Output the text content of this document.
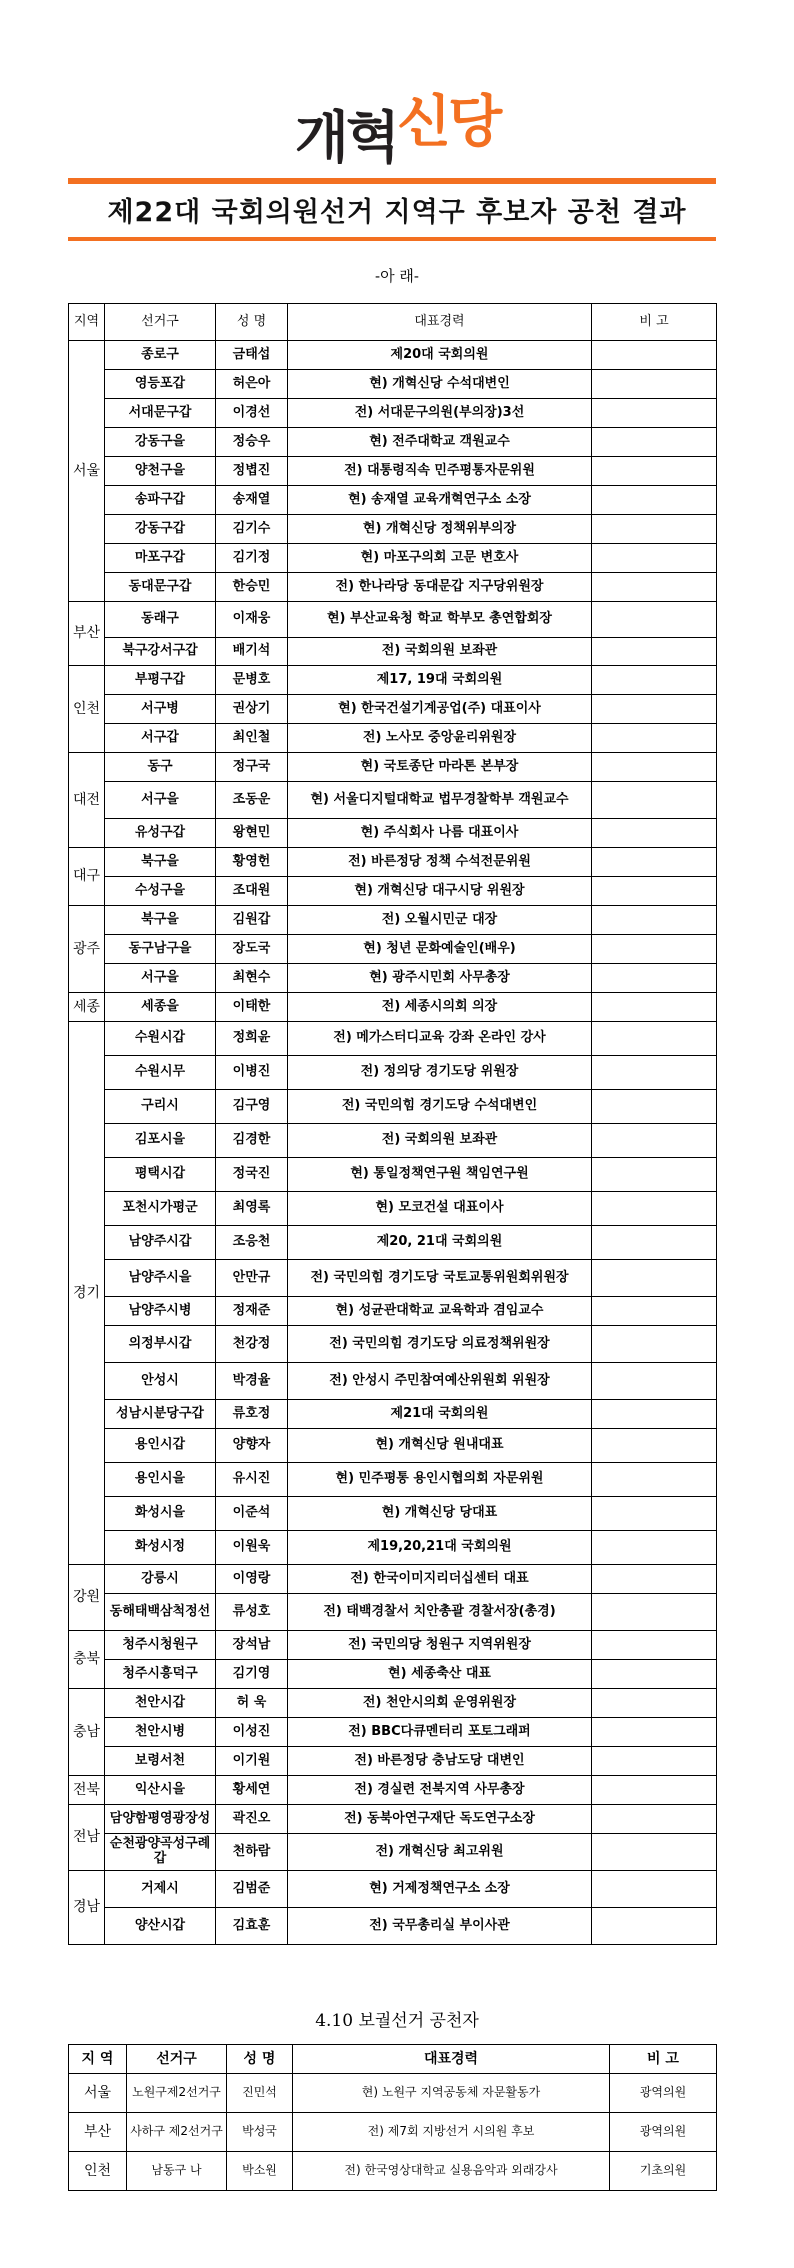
개혁신당
제22대 국회의원선거 지역구 후보자 공천 결과
-아 래-
지역	선거구	성 명	대표경력	비 고
서울	종로구	금태섭	제20대 국회의원	
	영등포갑	허은아	현) 개혁신당 수석대변인	
	서대문구갑	이경선	전) 서대문구의원(부의장)3선	
	강동구을	정승우	현) 전주대학교 객원교수	
	양천구을	정볍진	전) 대통령직속 민주평통자문위원	
	송파구갑	송재열	현) 송재열 교육개혁연구소 소장	
	강동구갑	김기수	현) 개혁신당 정책위부의장	
	마포구갑	김기정	현) 마포구의회 고문 변호사	
	동대문구갑	한승민	전) 한나라당 동대문갑 지구당위원장	
부산	동래구	이재웅	현) 부산교육청 학교 학부모 총연합회장	
	북구강서구갑	배기석	전) 국회의원 보좌관	
인천	부평구갑	문병호	제17, 19대 국회의원	
	서구병	권상기	현) 한국건설기계공업(주) 대표이사	
	서구갑	최인철	전) 노사모 중앙윤리위원장	
대전	동구	정구국	현) 국토종단 마라톤 본부장	
	서구을	조동운	현) 서울디지털대학교 법무경찰학부 객원교수	
	유성구갑	왕현민	현) 주식회사 나름 대표이사	
대구	북구을	황영헌	전) 바른정당 정책 수석전문위원	
	수성구을	조대원	현) 개혁신당 대구시당 위원장	
광주	북구을	김원갑	전) 오월시민군 대장	
	동구남구을	장도국	현) 청년 문화예술인(배우)	
	서구을	최현수	현) 광주시민회 사무총장	
세종	세종을	이태한	전) 세종시의회 의장	
경기	수원시갑	정희윤	전) 메가스터디교육 강좌 온라인 강사	
	수원시무	이병진	전) 정의당 경기도당 위원장	
	구리시	김구영	전) 국민의힘 경기도당 수석대변인	
	김포시을	김경한	전) 국회의원 보좌관	
	평택시갑	정국진	현) 통일정책연구원 책임연구원	
	포천시가평군	최영록	현) 모코건설 대표이사	
	남양주시갑	조응천	제20, 21대 국회의원	
	남양주시을	안만규	전) 국민의힘 경기도당 국토교통위원회위원장	
	남양주시병	정재준	현) 성균관대학교 교육학과 겸임교수	
	의정부시갑	천강정	전) 국민의힘 경기도당 의료정책위원장	
	안성시	박경율	전) 안성시 주민참여예산위원회 위원장	
	성남시분당구갑	류호정	제21대 국회의원	
	용인시갑	양향자	현) 개혁신당 원내대표	
	용인시을	유시진	현) 민주평통 용인시협의회 자문위원	
	화성시을	이준석	현) 개혁신당 당대표	
	화성시정	이원욱	제19,20,21대 국회의원	
강원	강릉시	이영랑	전) 한국이미지리더십센터 대표	
	동해태백삼척정선	류성호	전) 태백경찰서 치안총괄 경찰서장(총경)	
충북	청주시청원구	장석남	전) 국민의당 청원구 지역위원장	
	청주시흥덕구	김기영	현) 세종축산 대표	
충남	천안시갑	허 욱	전) 천안시의회 운영위원장	
	천안시병	이성진	전) BBC다큐멘터리 포토그래퍼	
	보령서천	이기원	전) 바른정당 충남도당 대변인	
전북	익산시을	황세연	전) 경실련 전북지역 사무총장	
전남	담양함평영광장성	곽진오	전) 동북아연구재단 독도연구소장	
	순천광양곡성구례갑	천하람	전) 개혁신당 최고위원	
경남	거제시	김범준	현) 거제정책연구소 소장	
	양산시갑	김효훈	전) 국무총리실 부이사관	
4.10 보궐선거 공천자
지 역	선거구	성 명	대표경력	비 고
서울	노원구제2선거구	진민석	현) 노원구 지역공동체 자문활동가	광역의원
부산	사하구 제2선거구	박성국	전) 제7회 지방선거 시의원 후보	광역의원
인천	남동구 나	박소원	전) 한국영상대학교 실용음악과 외래강사	기초의원
